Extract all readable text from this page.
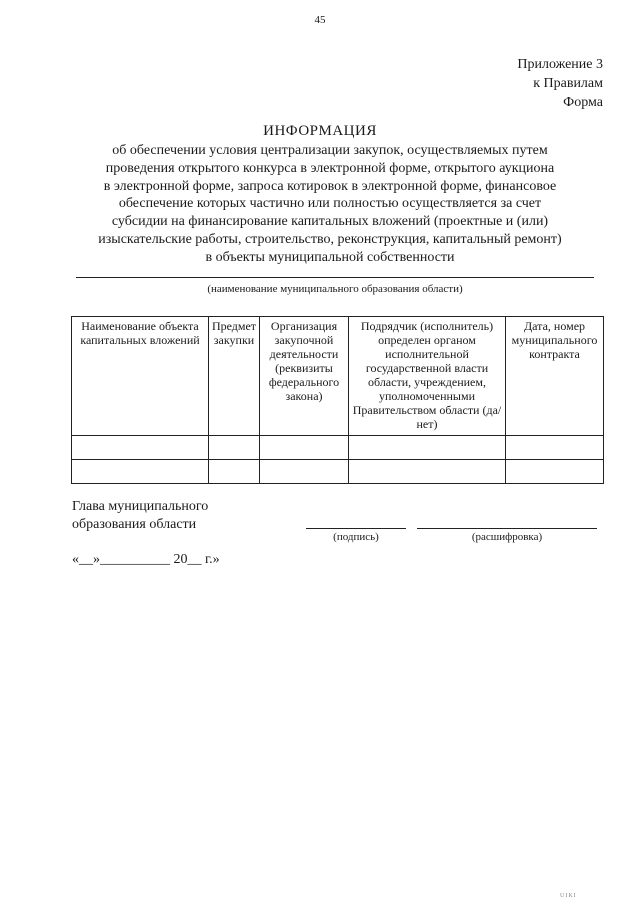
45
Приложение 3
к Правилам
Форма
ИНФОРМАЦИЯ
об обеспечении условия централизации закупок, осуществляемых путем
проведения открытого конкурса в электронной форме, открытого аукциона
в электронной форме, запроса котировок в электронной форме, финансовое
обеспечение которых частично или полностью осуществляется за счет
субсидии на финансирование капитальных вложений (проектные и (или)
изыскательские работы, строительство, реконструкция, капитальный ремонт)
в объекты муниципальной собственности
(наименование муниципального образования области)
Наименование объекта капитальных вложений	Предмет закупки	Организация закупочной деятельности (реквизиты федерального закона)	Подрядчик (исполнитель) определен органом исполнительной государственной власти области, учреждением, уполномоченными Правительством области (да/нет)	Дата, номер муниципального контракта

Глава муниципального
образования области
(подпись)	(расшифровка)
«__»__________ 20__ г.»
UIKI
